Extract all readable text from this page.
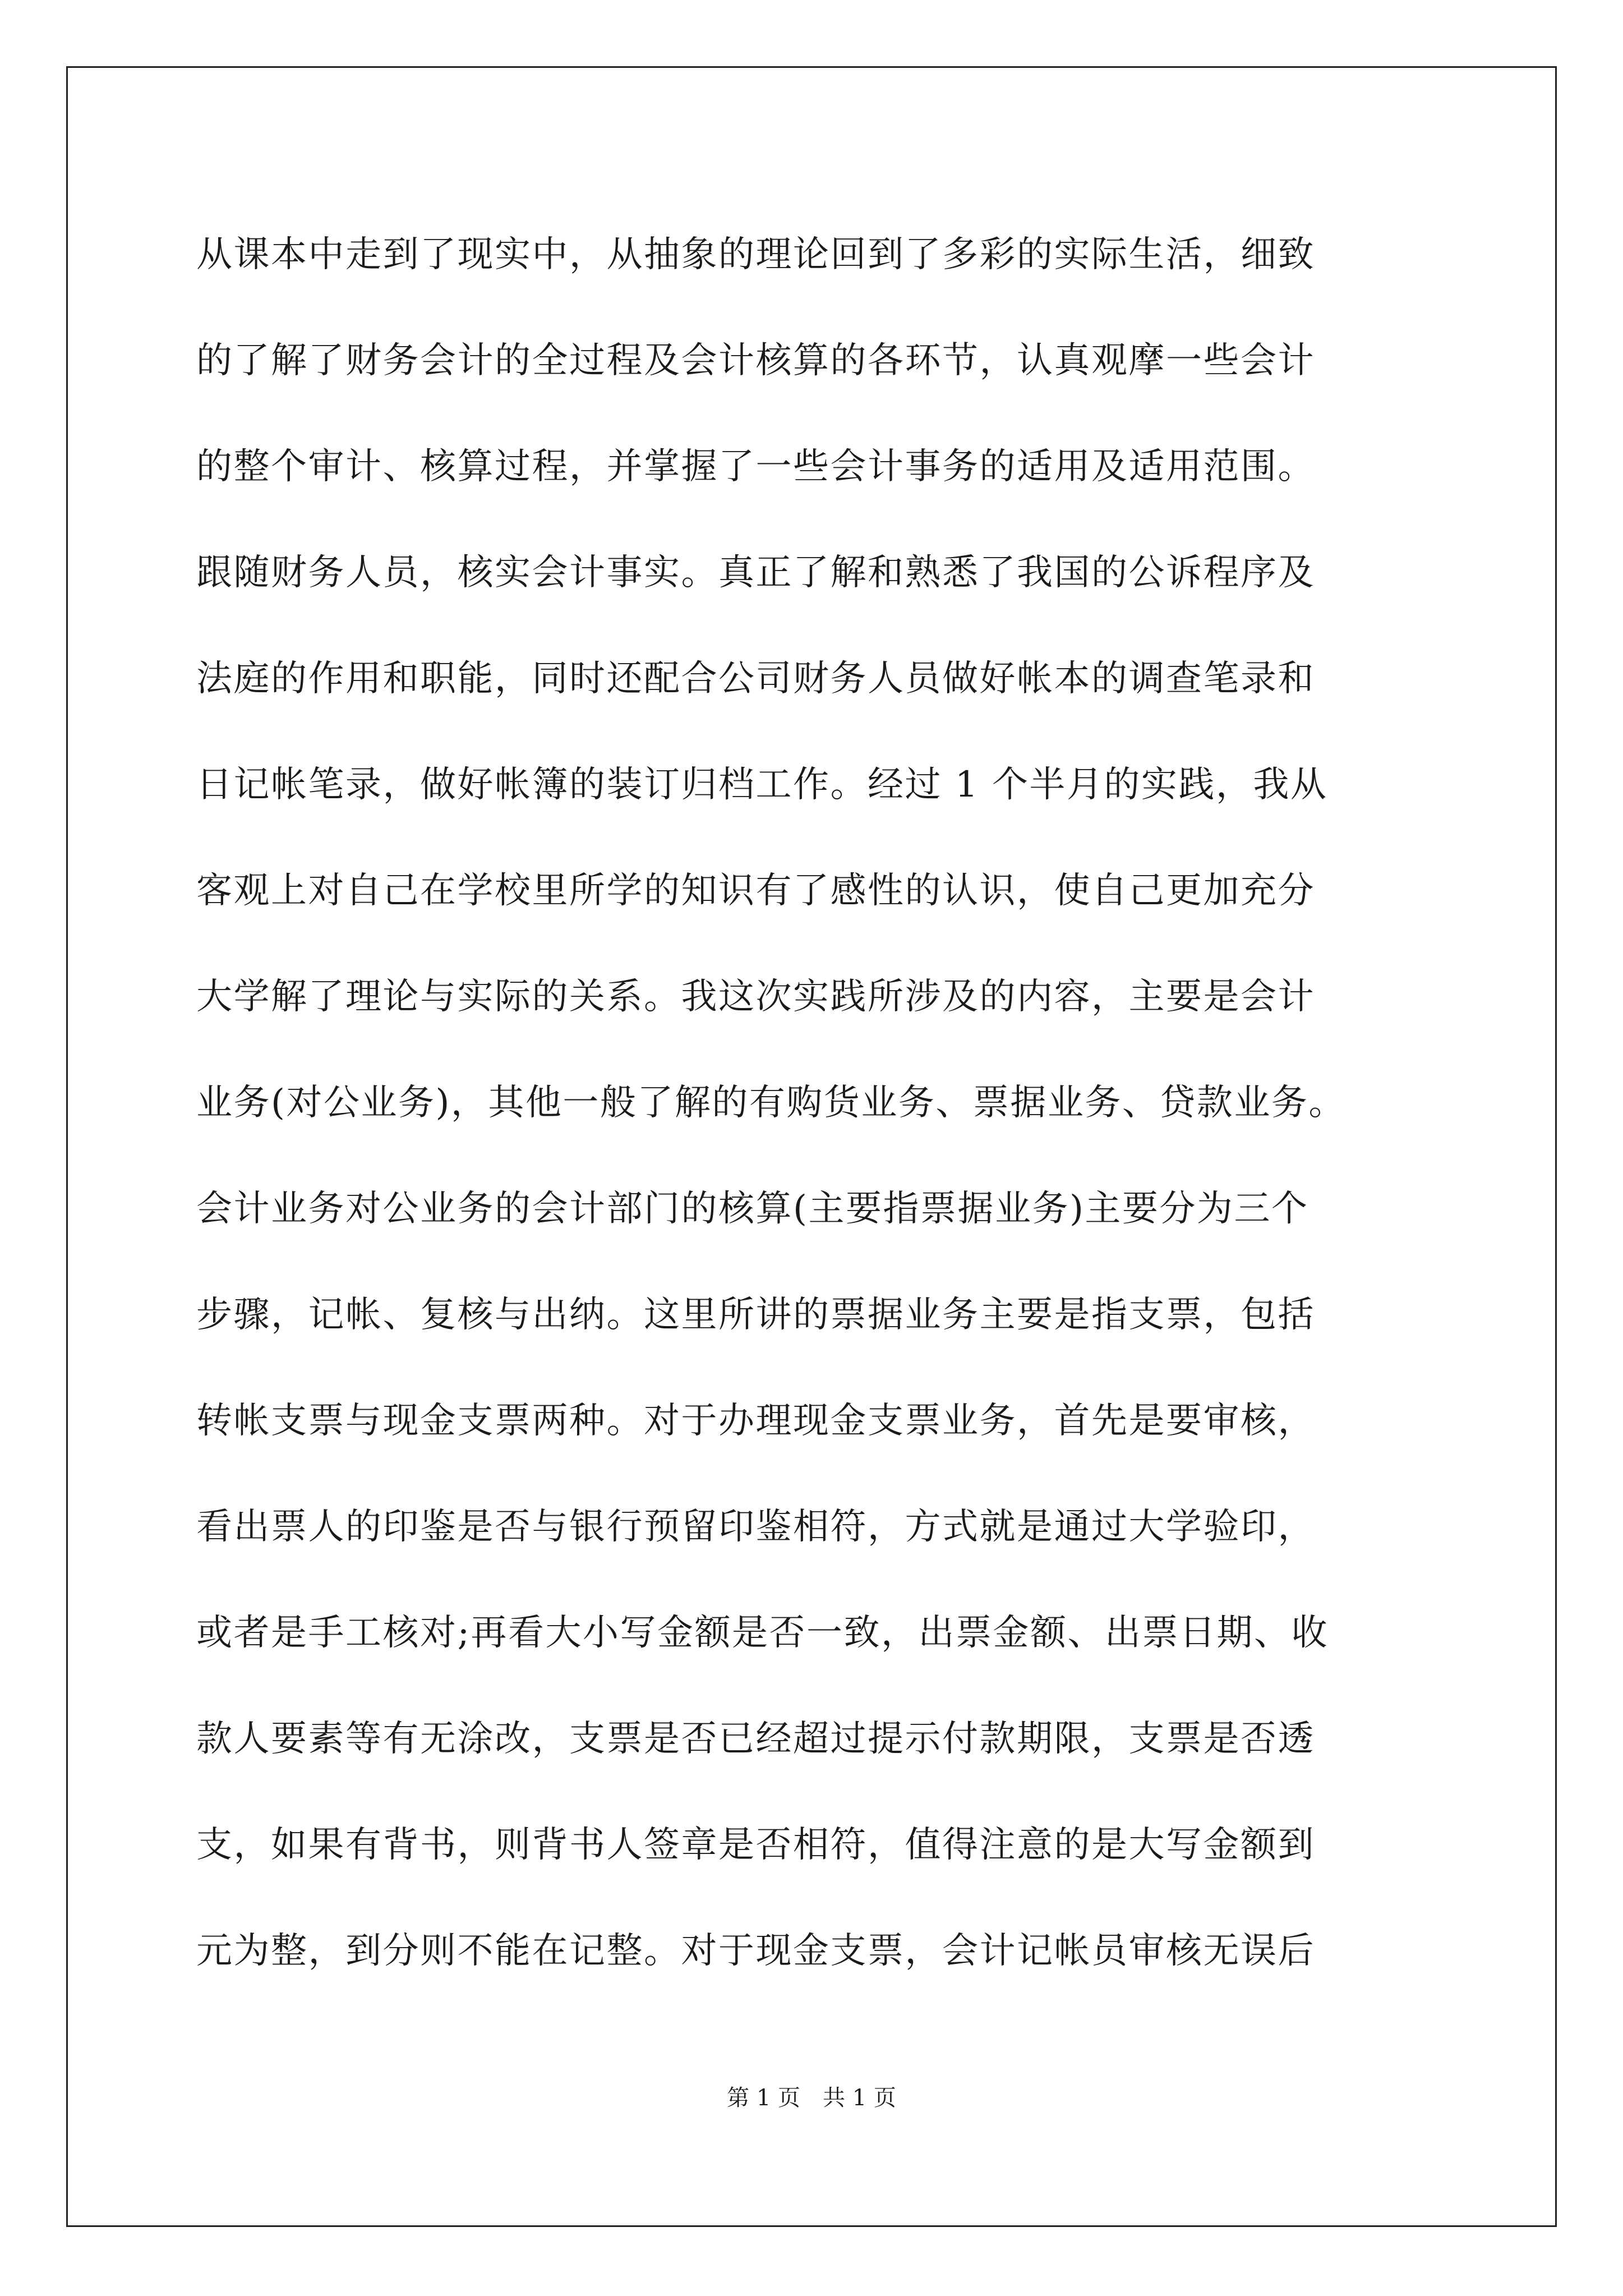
从课本中走到了现实中，从抽象的理论回到了多彩的实际生活，细致
的了解了财务会计的全过程及会计核算的各环节，认真观摩一些会计
的整个审计、核算过程，并掌握了一些会计事务的适用及适用范围。
跟随财务人员，核实会计事实。真正了解和熟悉了我国的公诉程序及
法庭的作用和职能，同时还配合公司财务人员做好帐本的调查笔录和
日记帐笔录，做好帐簿的装订归档工作。经过 1 个半月的实践，我从
客观上对自己在学校里所学的知识有了感性的认识，使自己更加充分
大学解了理论与实际的关系。我这次实践所涉及的内容，主要是会计
业务(对公业务)，其他一般了解的有购货业务、票据业务、贷款业务。
会计业务对公业务的会计部门的核算(主要指票据业务)主要分为三个
步骤，记帐、复核与出纳。这里所讲的票据业务主要是指支票，包括
转帐支票与现金支票两种。对于办理现金支票业务，首先是要审核，
看出票人的印鉴是否与银行预留印鉴相符，方式就是通过大学验印，
或者是手工核对;再看大小写金额是否一致，出票金额、出票日期、收
款人要素等有无涂改，支票是否已经超过提示付款期限，支票是否透
支，如果有背书，则背书人签章是否相符，值得注意的是大写金额到
元为整，到分则不能在记整。对于现金支票，会计记帐员审核无误后
第 1 页 共 1 页
